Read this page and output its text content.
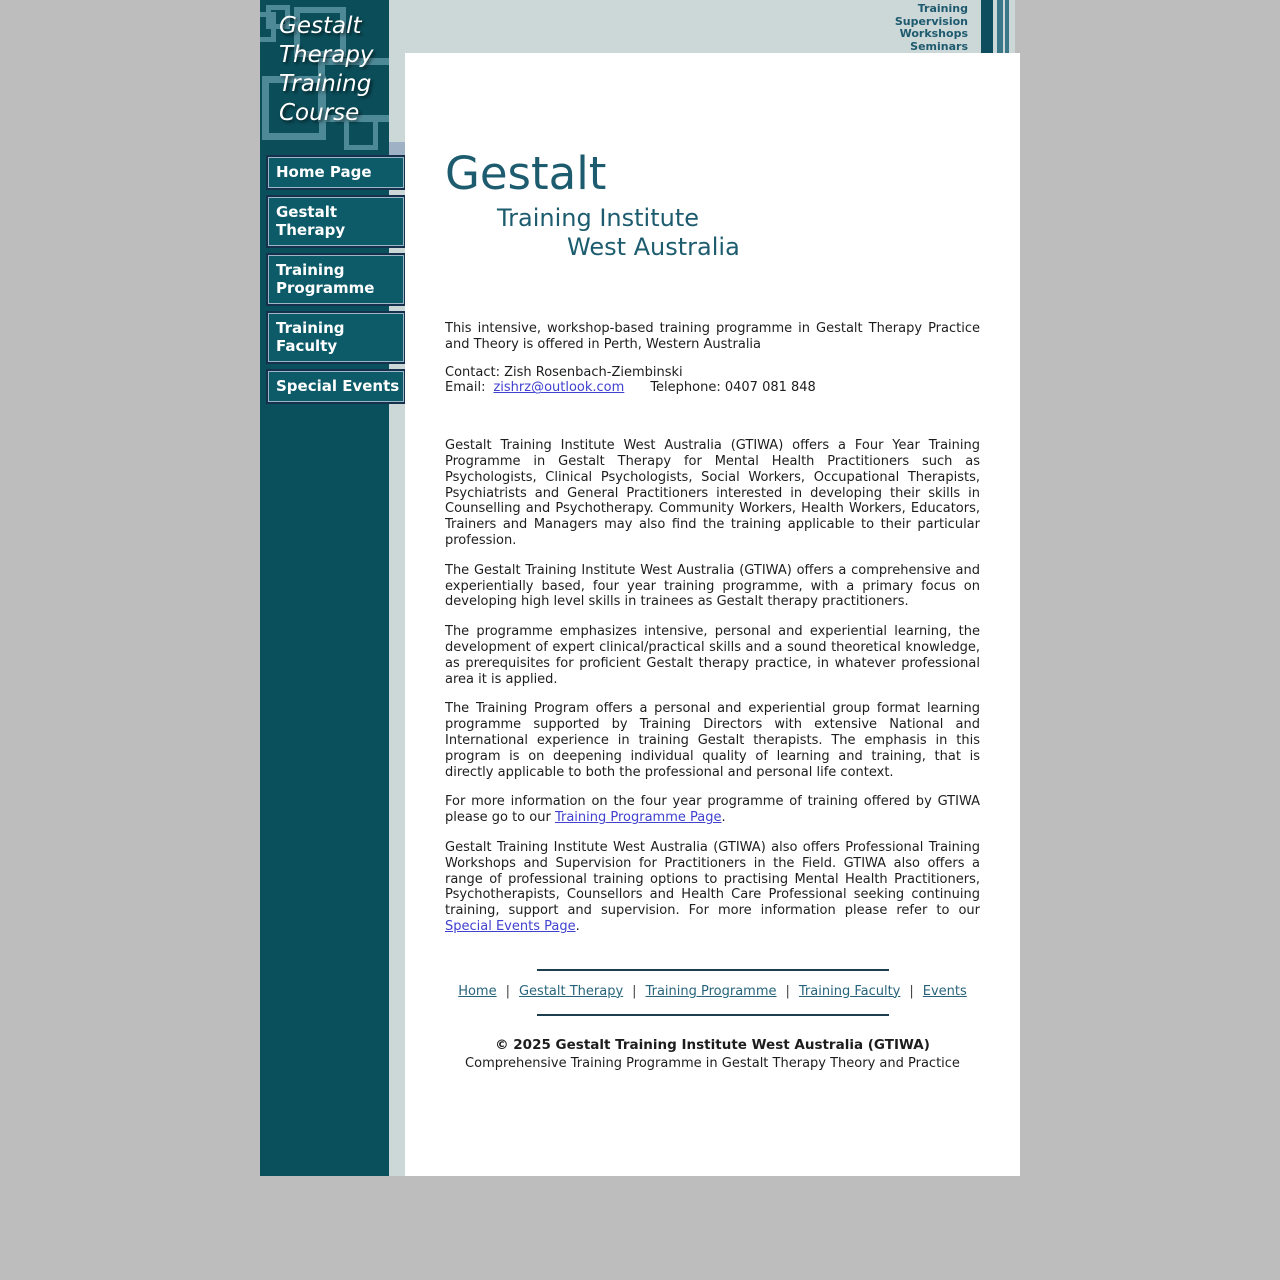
Training
Supervision
Workshops
Seminars
Gestalt
Therapy
Training
Course
Home Page
Gestalt Therapy
Training Programme
Training Faculty
Special Events
Gestalt
Training Institute
West Australia

This intensive, workshop-based training programme in Gestalt Therapy Practice and Theory is offered in Perth, Western Australia

Contact: Zish Rosenbach-Ziembinski
Email: zishrz@outlook.com Telephone: 0407 081 848

Gestalt Training Institute West Australia (GTIWA) offers a Four Year Training Programme in Gestalt Therapy for Mental Health Practitioners such as Psychologists, Clinical Psychologists, Social Workers, Occupational Therapists, Psychiatrists and General Practitioners interested in developing their skills in Counselling and Psychotherapy. Community Workers, Health Workers, Educators, Trainers and Managers may also find the training applicable to their particular profession.

The Gestalt Training Institute West Australia (GTIWA) offers a comprehensive and experientially based, four year training programme, with a primary focus on developing high level skills in trainees as Gestalt therapy practitioners.

The programme emphasizes intensive, personal and experiential learning, the development of expert clinical/practical skills and a sound theoretical knowledge, as prerequisites for proficient Gestalt therapy practice, in whatever professional area it is applied.

The Training Program offers a personal and experiential group format learning programme supported by Training Directors with extensive National and International experience in training Gestalt therapists. The emphasis in this program is on deepening individual quality of learning and training, that is directly applicable to both the professional and personal life context.

For more information on the four year programme of training offered by GTIWA please go to our Training Programme Page.

Gestalt Training Institute West Australia (GTIWA) also offers Professional Training Workshops and Supervision for Practitioners in the Field. GTIWA also offers a range of professional training options to practising Mental Health Practitioners, Psychotherapists, Counsellors and Health Care Professional seeking continuing training, support and supervision. For more information please refer to our Special Events Page.

Home | Gestalt Therapy | Training Programme | Training Faculty | Events
© 2025 Gestalt Training Institute West Australia (GTIWA)
Comprehensive Training Programme in Gestalt Therapy Theory and Practice
